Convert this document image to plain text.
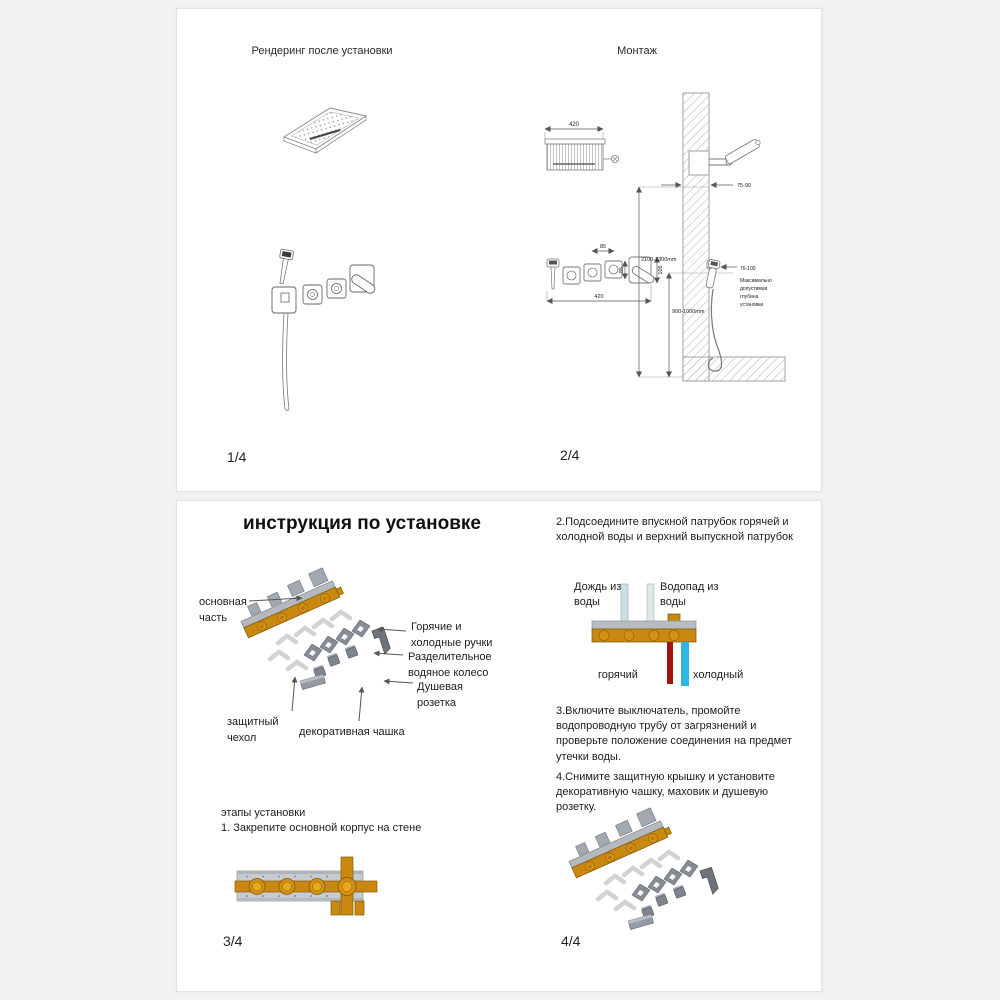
Рендеринг после установки	Монтаж
1/4
420
85
85	105
420
75-90
2100-2300mm
900-1000mm
76-100 Максимально допустимая глубина установки
2/4
инструкция по установке	2.Подсоедините впускной патрубок горячей и холодной воды и верхний выпускной патрубок
основная часть
Горячие и холодные ручки
Разделительное водяное колесо
Душевая розетка
защитный чехол	декоративная чашка
Дождь из воды
Водопад из воды
горячий	холодный
3.Включите выключатель, промойте водопроводную трубу от загрязнений и проверьте положение соединения на предмет утечки воды.
4.Снимите защитную крышку и установите декоративную чашку, маховик и душевую розетку.
этапы установки
1. Закрепите основной корпус на стене
3/4	4/4
